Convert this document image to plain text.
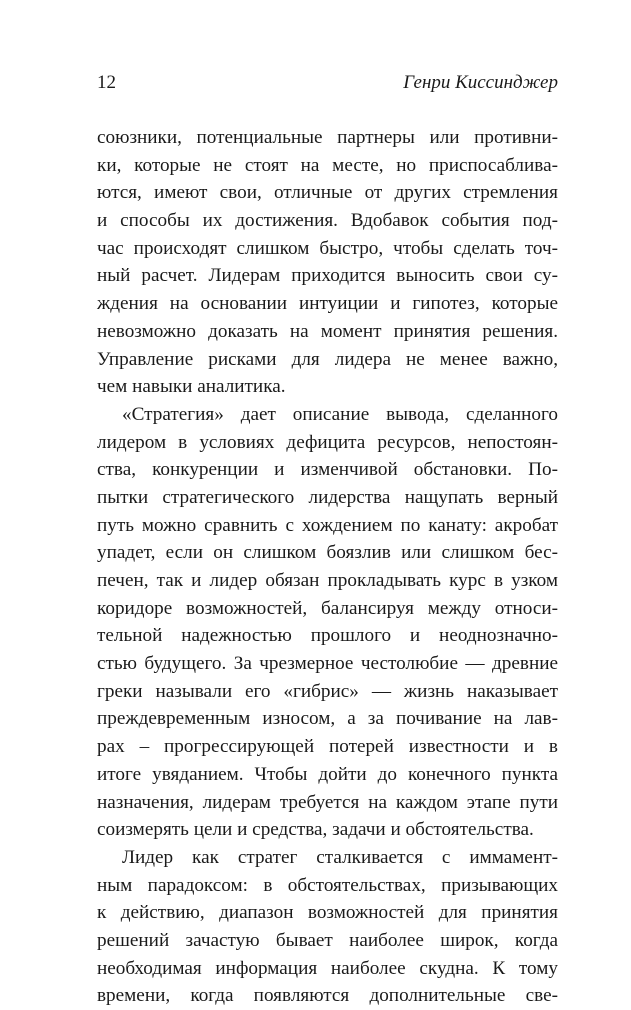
12	Генри Киссинджер
союзники, потенциальные партнеры или противни-
ки, которые не стоят на месте, но приспосаблива-
ются, имеют свои, отличные от других стремления
и способы их достижения. Вдобавок события под-
час происходят слишком быстро, чтобы сделать точ-
ный расчет. Лидерам приходится выносить свои су-
ждения на основании интуиции и гипотез, которые
невозможно доказать на момент принятия решения.
Управление рисками для лидера не менее важно,
чем навыки аналитика.
«Стратегия» дает описание вывода, сделанного
лидером в условиях дефицита ресурсов, непостоян-
ства, конкуренции и изменчивой обстановки. По-
пытки стратегического лидерства нащупать верный
путь можно сравнить с хождением по канату: акробат
упадет, если он слишком боязлив или слишком бес-
печен, так и лидер обязан прокладывать курс в узком
коридоре возможностей, балансируя между относи-
тельной надежностью прошлого и неоднозначно-
стью будущего. За чрезмерное честолюбие — древние
греки называли его «гибрис» — жизнь наказывает
преждевременным износом, а за почивание на лав-
рах – прогрессирующей потерей известности и в
итоге увяданием. Чтобы дойти до конечного пункта
назначения, лидерам требуется на каждом этапе пути
соизмерять цели и средства, задачи и обстоятельства.
Лидер как стратег сталкивается с иммамент-
ным парадоксом: в обстоятельствах, призывающих
к действию, диапазон возможностей для принятия
решений зачастую бывает наиболее широк, когда
необходимая информация наиболее скудна. К тому
времени, когда появляются дополнительные све-
